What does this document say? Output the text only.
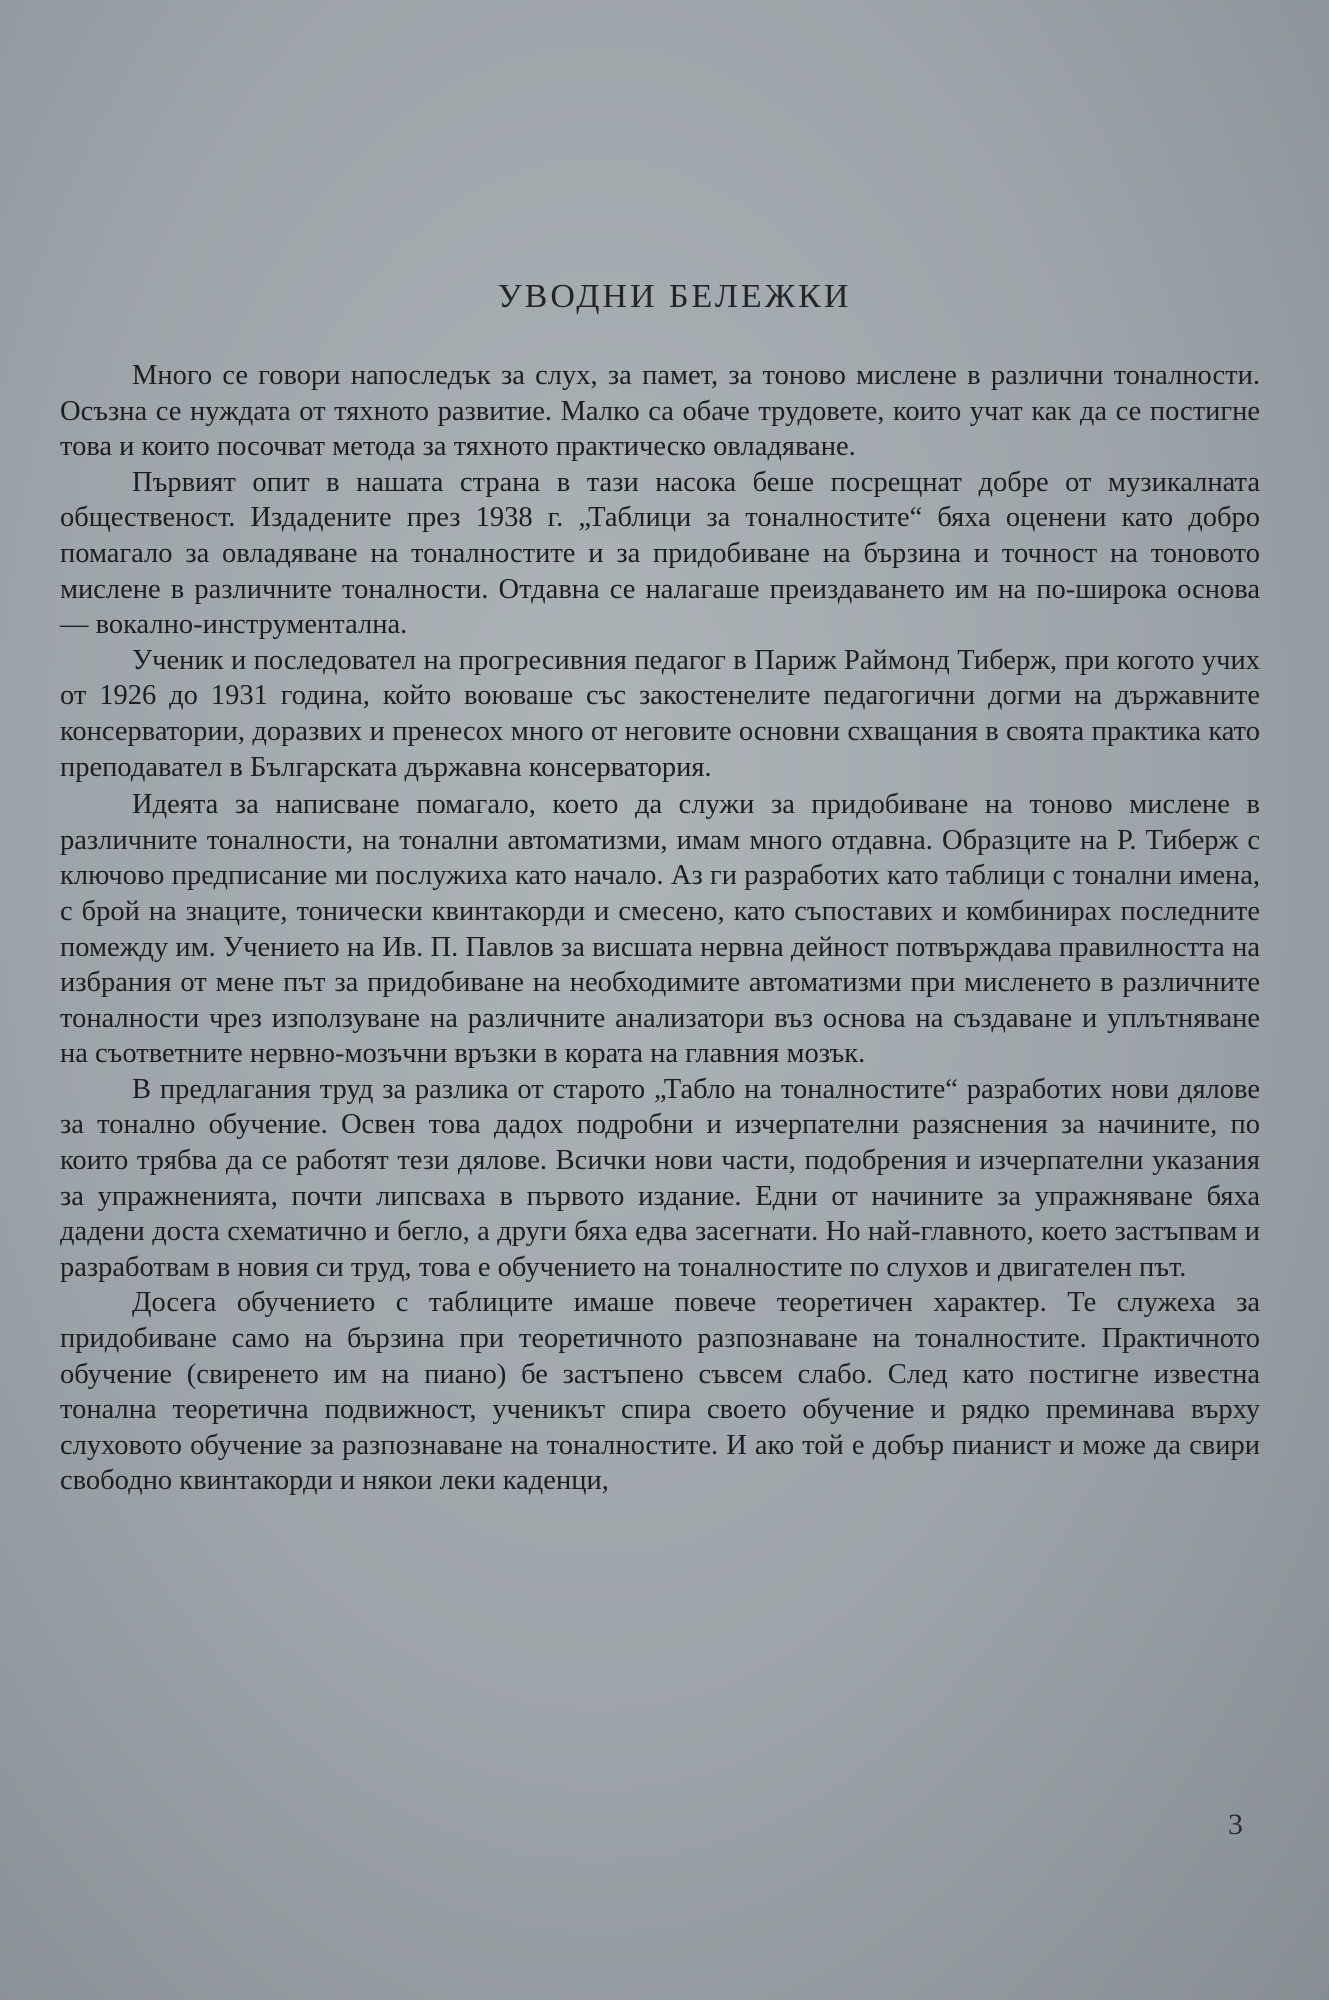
УВОДНИ БЕЛЕЖКИ

Много се говори напоследък за слух, за памет, за тоново мислене в различни тоналности. Осъзна се нуждата от тяхното развитие. Малко са обаче трудовете, които учат как да се постигне това и които посочват метода за тяхното практическо овладяване.

Първият опит в нашата страна в тази насока беше посрещнат добре от музикалната общественост. Издадените през 1938 г. „Таблици за тоналностите“ бяха оценени като добро помагало за овладяване на тоналностите и за придобиване на бързина и точност на тоновото мислене в различните тоналности. Отдавна се налагаше преиздаването им на по-широка основа — вокално-инструментална.

Ученик и последовател на прогресивния педагог в Париж Раймонд Тиберж, при когото учих от 1926 до 1931 година, който воюваше със закостенелите педагогични догми на държавните консерватории, доразвих и пренесох много от неговите основни схващания в своята практика като преподавател в Българската държавна консерватория.

Идеята за написване помагало, което да служи за придобиване на тоново мислене в различните тоналности, на тонални автоматизми, имам много отдавна. Образците на Р. Тиберж с ключово предписание ми послужиха като начало. Аз ги разработих като таблици с тонални имена, с брой на знаците, тонически квинтакорди и смесено, като съпоставих и комбинирах последните помежду им. Учението на Ив. П. Павлов за висшата нервна дейност потвърждава правилността на избрания от мене път за придобиване на необходимите автоматизми при мисленето в различните тоналности чрез използуване на различните анализатори въз основа на създаване и уплътняване на съответните нервно-мозъчни връзки в кората на главния мозък.

В предлагания труд за разлика от старото „Табло на тоналностите“ разработих нови дялове за тонално обучение. Освен това дадох подробни и изчерпателни разяснения за начините, по които трябва да се работят тези дялове. Всички нови части, подобрения и изчерпателни указания за упражненията, почти липсваха в първото издание. Едни от начините за упражняване бяха дадени доста схематично и бегло, а други бяха едва засегнати. Но най-главното, което застъпвам и разработвам в новия си труд, това е обучението на тоналностите по слухов и двигателен път.

Досега обучението с таблиците имаше повече теоретичен характер. Те служеха за придобиване само на бързина при теоретичното разпознаване на тоналностите. Практичното обучение (свиренето им на пиано) бе застъпено съвсем слабо. След като постигне известна тонална теоретична подвижност, ученикът спира своето обучение и рядко преминава върху слуховото обучение за разпознаване на тоналностите. И ако той е добър пианист и може да свири свободно квинтакорди и някои леки каденци,

3
